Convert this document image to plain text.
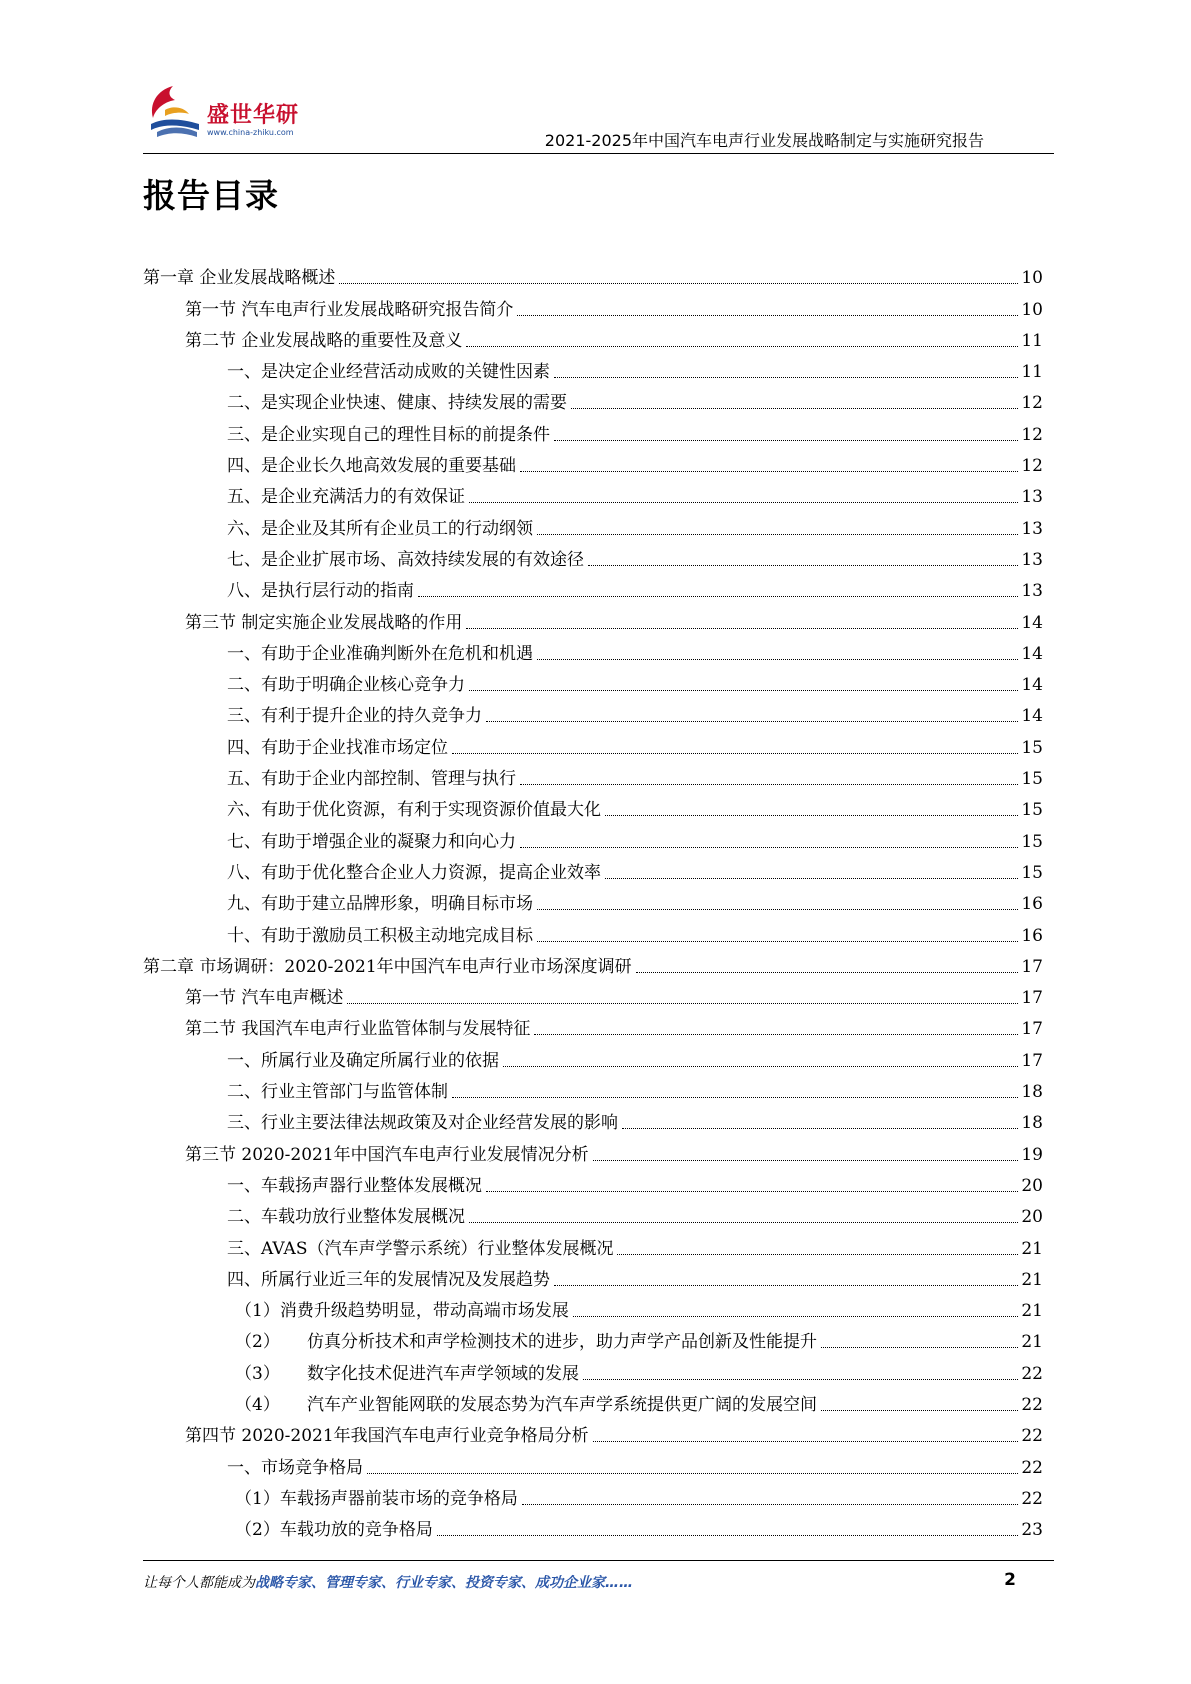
盛世华研
www.china-zhiku.com	2021-2025年中国汽车电声行业发展战略制定与实施研究报告
报告目录
第一章 企业发展战略概述	10
第一节 汽车电声行业发展战略研究报告简介	10
第二节 企业发展战略的重要性及意义	11
一、是决定企业经营活动成败的关键性因素	11
二、是实现企业快速、健康、持续发展的需要	12
三、是企业实现自己的理性目标的前提条件	12
四、是企业长久地高效发展的重要基础	12
五、是企业充满活力的有效保证	13
六、是企业及其所有企业员工的行动纲领	13
七、是企业扩展市场、高效持续发展的有效途径	13
八、是执行层行动的指南	13
第三节 制定实施企业发展战略的作用	14
一、有助于企业准确判断外在危机和机遇	14
二、有助于明确企业核心竞争力	14
三、有利于提升企业的持久竞争力	14
四、有助于企业找准市场定位	15
五、有助于企业内部控制、管理与执行	15
六、有助于优化资源，有利于实现资源价值最大化	15
七、有助于增强企业的凝聚力和向心力	15
八、有助于优化整合企业人力资源，提高企业效率	15
九、有助于建立品牌形象，明确目标市场	16
十、有助于激励员工积极主动地完成目标	16
第二章 市场调研：2020-2021年中国汽车电声行业市场深度调研	17
第一节 汽车电声概述	17
第二节 我国汽车电声行业监管体制与发展特征	17
一、所属行业及确定所属行业的依据	17
二、行业主管部门与监管体制	18
三、行业主要法律法规政策及对企业经营发展的影响	18
第三节 2020-2021年中国汽车电声行业发展情况分析	19
一、车载扬声器行业整体发展概况	20
二、车载功放行业整体发展概况	20
三、AVAS（汽车声学警示系统）行业整体发展概况	21
四、所属行业近三年的发展情况及发展趋势	21
（1）消费升级趋势明显，带动高端市场发展	21
（2） 仿真分析技术和声学检测技术的进步，助力声学产品创新及性能提升	21
（3） 数字化技术促进汽车声学领域的发展	22
（4） 汽车产业智能网联的发展态势为汽车声学系统提供更广阔的发展空间	22
第四节 2020-2021年我国汽车电声行业竞争格局分析	22
一、市场竞争格局	22
（1）车载扬声器前装市场的竞争格局	22
（2）车载功放的竞争格局	23
让每个人都能成为战略专家、管理专家、行业专家、投资专家、成功企业家……	2
